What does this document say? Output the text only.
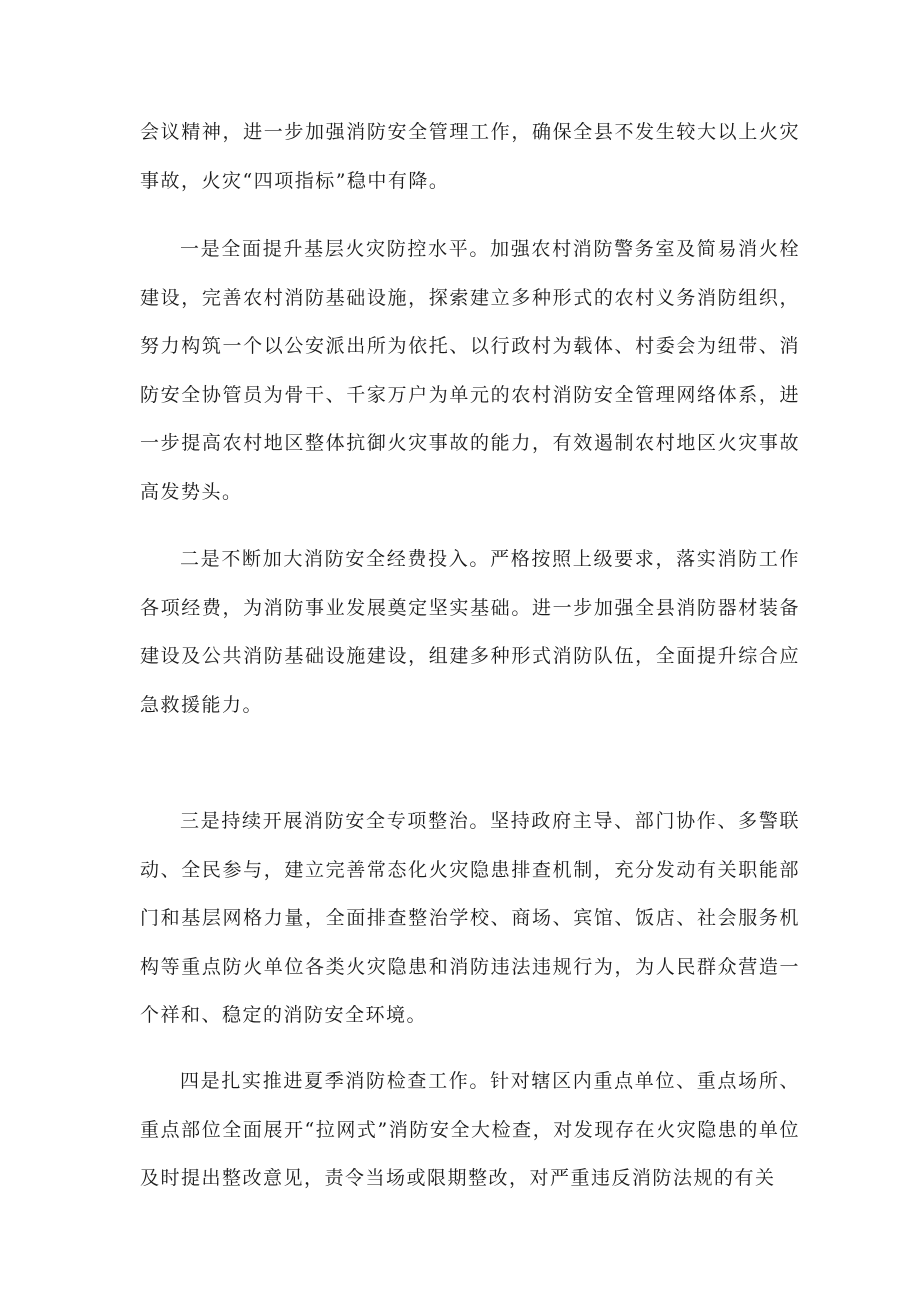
会议精神，进一步加强消防安全管理工作，确保全县不发生较大以上火灾事故，火灾“四项指标”稳中有降。

一是全面提升基层火灾防控水平。加强农村消防警务室及简易消火栓建设，完善农村消防基础设施，探索建立多种形式的农村义务消防组织，努力构筑一个以公安派出所为依托、以行政村为载体、村委会为纽带、消防安全协管员为骨干、千家万户为单元的农村消防安全管理网络体系，进一步提高农村地区整体抗御火灾事故的能力，有效遏制农村地区火灾事故高发势头。

二是不断加大消防安全经费投入。严格按照上级要求，落实消防工作各项经费，为消防事业发展奠定坚实基础。进一步加强全县消防器材装备建设及公共消防基础设施建设，组建多种形式消防队伍，全面提升综合应急救援能力。

三是持续开展消防安全专项整治。坚持政府主导、部门协作、多警联动、全民参与，建立完善常态化火灾隐患排查机制，充分发动有关职能部门和基层网格力量，全面排查整治学校、商场、宾馆、饭店、社会服务机构等重点防火单位各类火灾隐患和消防违法违规行为，为人民群众营造一个祥和、稳定的消防安全环境。

四是扎实推进夏季消防检查工作。针对辖区内重点单位、重点场所、重点部位全面展开“拉网式”消防安全大检查，对发现存在火灾隐患的单位及时提出整改意见，责令当场或限期整改，对严重违反消防法规的有关
